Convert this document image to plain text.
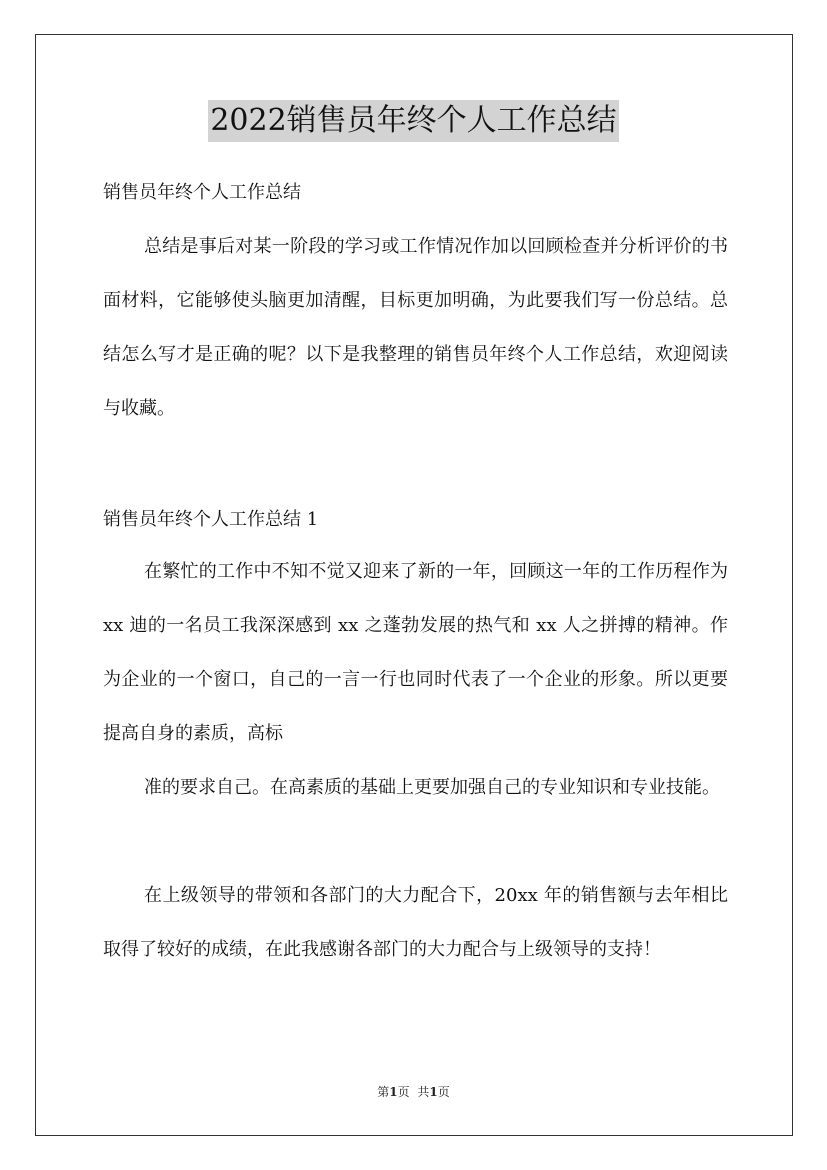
2022销售员年终个人工作总结
销售员年终个人工作总结

总结是事后对某一阶段的学习或工作情况作加以回顾检查并分析评价的书面材料，它能够使头脑更加清醒，目标更加明确，为此要我们写一份总结。总结怎么写才是正确的呢？以下是我整理的销售员年终个人工作总结，欢迎阅读与收藏。

销售员年终个人工作总结 1

在繁忙的工作中不知不觉又迎来了新的一年，回顾这一年的工作历程作为 xx 迪的一名员工我深深感到 xx 之蓬勃发展的热气和 xx 人之拼搏的精神。作为企业的一个窗口，自己的一言一行也同时代表了一个企业的形象。所以更要提高自身的素质，高标

准的要求自己。在高素质的基础上更要加强自己的专业知识和专业技能。

在上级领导的带领和各部门的大力配合下，20xx 年的销售额与去年相比取得了较好的成绩，在此我感谢各部门的大力配合与上级领导的支持！

第1页 共1页
